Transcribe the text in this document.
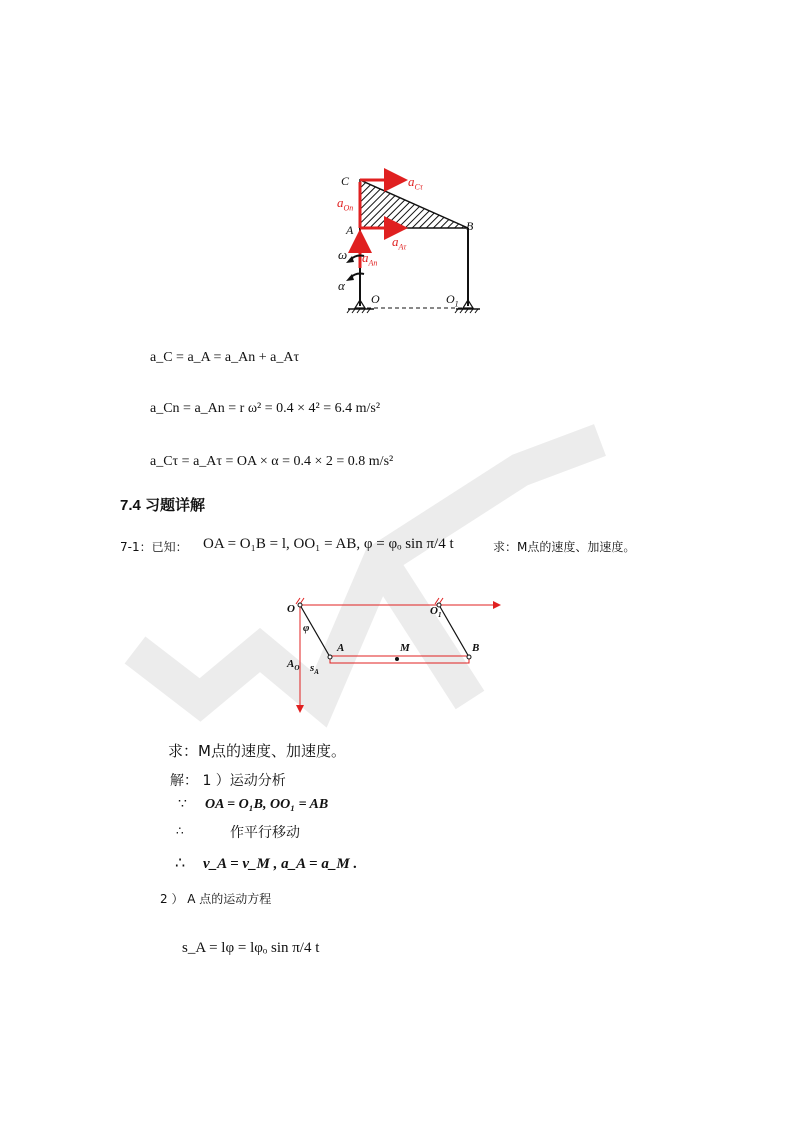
C
A	B
O	$O_1$
ω
α
$a_{C\tau}$
$a_{On}$
$a_{A\tau}$
$a_{An}$
a_C = a_A = a_An + a_Aτ
a_Cn = a_An = r ω² = 0.4 × 4² = 6.4 m/s²
a_Cτ = a_Aτ = OA × α = 0.4 × 2 = 0.8 m/s²
7.4 习题详解
7-1：已知： OA = O₁B = l, OO₁ = AB, φ = φₒ sin π/4 t	求：M点的速度、加速度。
O	$O_1$
φ
A	M	B
$A_O$ $s_A$
求：M点的速度、加速度。
解： 1 ）运动分析
∵ OA = O₁B, OO₁ = AB
∴	作平行移动
∴ v_A = v_M , a_A = a_M .
2 ） A 点的运动方程
s_A = lφ = lφₒ sin π/4 t
